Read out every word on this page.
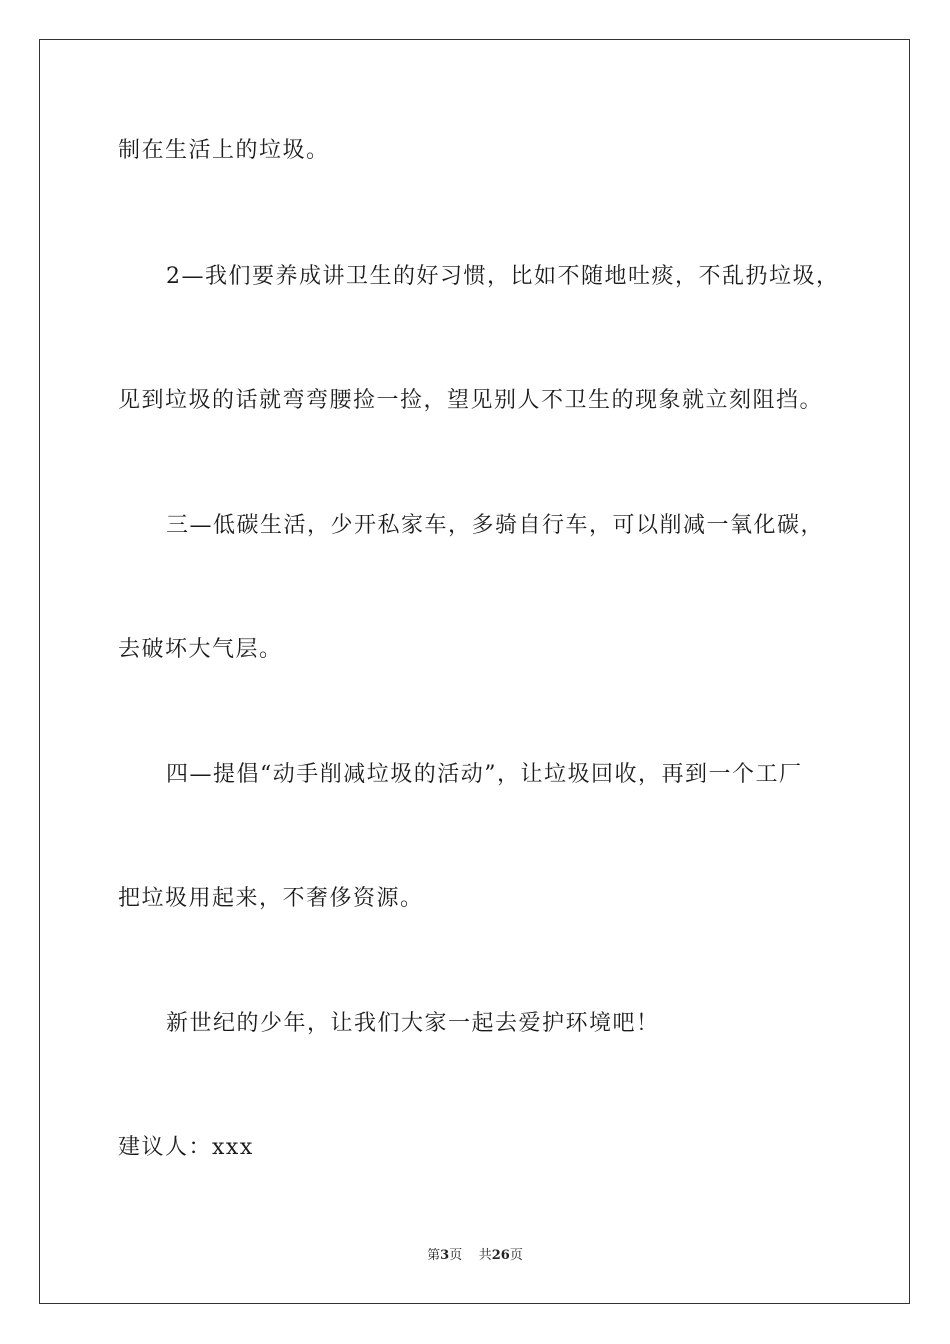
制在生活上的垃圾。
2—我们要养成讲卫生的好习惯，比如不随地吐痰，不乱扔垃圾，
见到垃圾的话就弯弯腰捡一捡，望见别人不卫生的现象就立刻阻挡。
三—低碳生活，少开私家车，多骑自行车，可以削减一氧化碳，
去破坏大气层。
四—提倡“动手削减垃圾的活动”，让垃圾回收，再到一个工厂
把垃圾用起来，不奢侈资源。
新世纪的少年，让我们大家一起去爱护环境吧！
建议人：xxx
第3页 共26页
